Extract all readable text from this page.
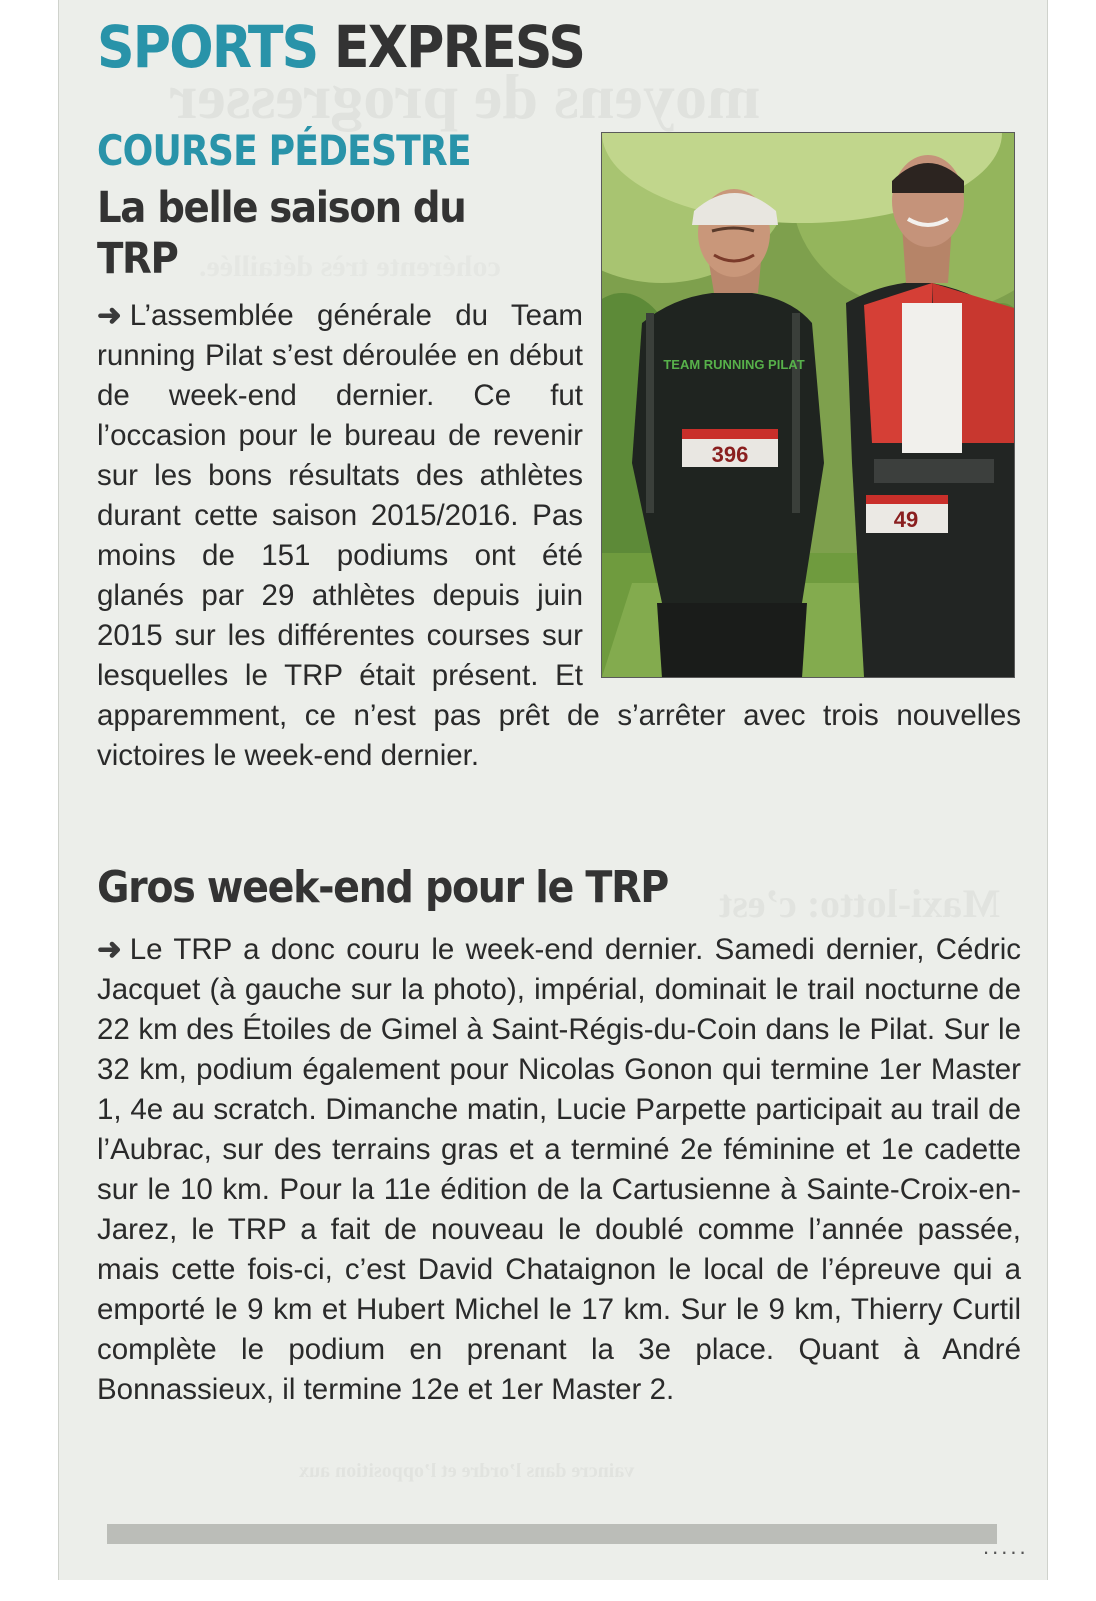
moyens de progresser
cohérente très détaillée.
Maxi-lotto: c’est
vaincre dans l’ordre et l’opposition aux
SPORTS EXPRESS
COURSE PÉDESTRE
La belle saison du TRP
TEAM RUNNING PILAT
396
49
➜ L’assemblée générale du Team running Pilat s’est déroulée en début de week-end dernier. Ce fut l’occasion pour le bureau de revenir sur les bons résultats des athlètes durant cette saison 2015/2016. Pas moins de 151 podiums ont été glanés par 29 athlètes depuis juin 2015 sur les différentes courses sur lesquelles le TRP était présent. Et apparemment, ce n’est pas prêt de s’arrêter avec trois nouvelles victoires le week-end dernier.
Gros week-end pour le TRP
➜ Le TRP a donc couru le week-end dernier. Samedi dernier, Cédric Jacquet (à gauche sur la photo), impérial, dominait le trail nocturne de 22 km des Étoiles de Gimel à Saint-Régis-du-Coin dans le Pilat. Sur le 32 km, podium également pour Nicolas Gonon qui termine 1er Master 1, 4e au scratch. Dimanche matin, Lucie Parpette participait au trail de l’Aubrac, sur des terrains gras et a terminé 2e féminine et 1e cadette sur le 10 km. Pour la 11e édition de la Cartusienne à Sainte-Croix-en-Jarez, le TRP a fait de nouveau le doublé comme l’année passée, mais cette fois-ci, c’est David Chataignon le local de l’épreuve qui a emporté le 9 km et Hubert Michel le 17 km. Sur le 9 km, Thierry Curtil complète le podium en prenant la 3e place. Quant à André Bonnassieux, il termine 12e et 1er Master 2.
.....
